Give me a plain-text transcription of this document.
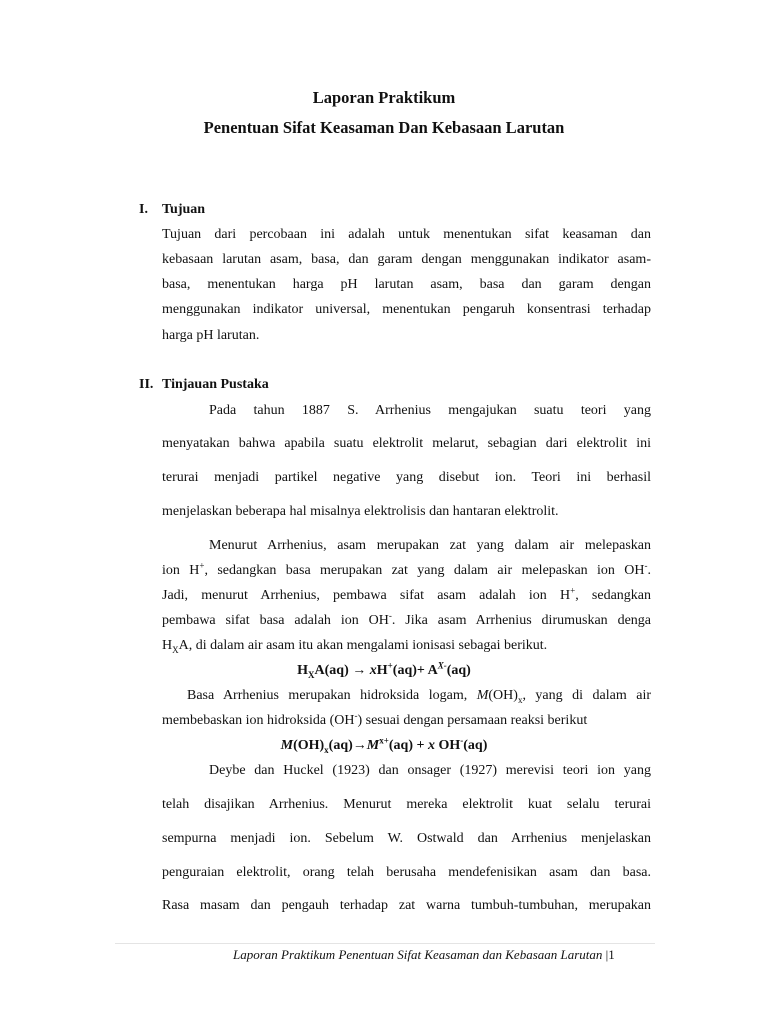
Laporan Praktikum
Penentuan Sifat Keasaman Dan Kebasaan Larutan
I. Tujuan
Tujuan dari percobaan ini adalah untuk menentukan sifat keasaman dan
kebasaan larutan asam, basa, dan garam dengan menggunakan indikator asam-
basa, menentukan harga pH larutan asam, basa dan garam dengan
menggunakan indikator universal, menentukan pengaruh konsentrasi terhadap
harga pH larutan.
II. Tinjauan Pustaka
Pada tahun 1887 S. Arrhenius mengajukan suatu teori yang
menyatakan bahwa apabila suatu elektrolit melarut, sebagian dari elektrolit ini
terurai menjadi partikel negative yang disebut ion. Teori ini berhasil
menjelaskan beberapa hal misalnya elektrolisis dan hantaran elektrolit.
Menurut Arrhenius, asam merupakan zat yang dalam air melepaskan
ion H+, sedangkan basa merupakan zat yang dalam air melepaskan ion OH-.
Jadi, menurut Arrhenius, pembawa sifat asam adalah ion H+, sedangkan
pembawa sifat basa adalah ion OH-. Jika asam Arrhenius dirumuskan denga
$H_XA$, di dalam air asam itu akan mengalami ionisasi sebagai berikut.
$H_XA(aq) \to xH^+(aq)+ A^{X-}(aq)$
Basa Arrhenius merupakan hidroksida logam, $M(OH)_x$, yang di dalam air
membebaskan ion hidroksida (OH-) sesuai dengan persamaan reaksi berikut
$M(OH)_x(aq)\to M^{x+}(aq) + x$ OH-(aq)
Deybe dan Huckel (1923) dan onsager (1927) merevisi teori ion yang
telah disajikan Arrhenius. Menurut mereka elektrolit kuat selalu terurai
sempurna menjadi ion. Sebelum W. Ostwald dan Arrhenius menjelaskan
penguraian elektrolit, orang telah berusaha mendefenisikan asam dan basa.
Rasa masam dan pengauh terhadap zat warna tumbuh-tumbuhan, merupakan
Laporan Praktikum Penentuan Sifat Keasaman dan Kebasaan Larutan |1
